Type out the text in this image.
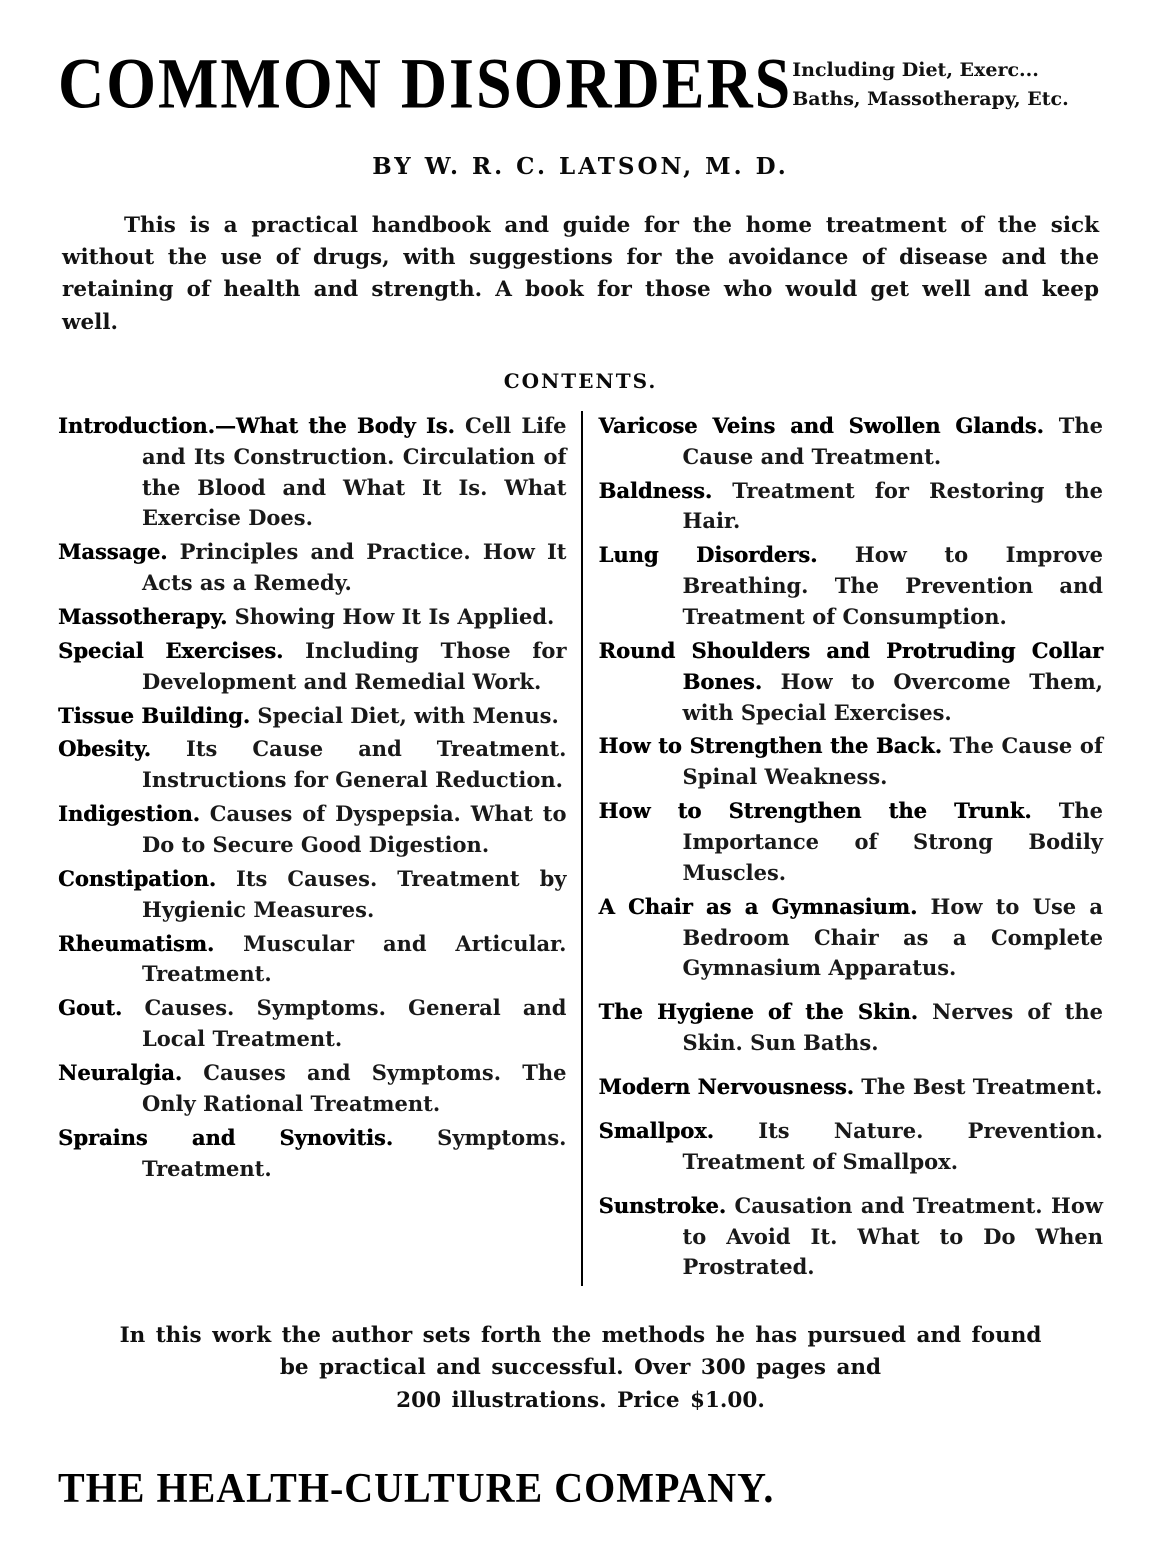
COMMON DISORDERS Including Diet, Exerc...
Baths, Massotherapy, Etc.
BY W. R. C. LATSON, M. D.

This is a practical handbook and guide for the home treatment of the sick without the use of drugs, with suggestions for the avoidance of disease and the retaining of health and strength. A book for those who would get well and keep well.

CONTENTS.

Introduction.—What the Body Is. Cell Life and Its Construction. Circulation of the Blood and What It Is. What Exercise Does.

Massage. Principles and Practice. How It Acts as a Remedy.

Massotherapy. Showing How It Is Applied.

Special Exercises. Including Those for Development and Remedial Work.

Tissue Building. Special Diet, with Menus.

Obesity. Its Cause and Treatment. Instructions for General Reduction.

Indigestion. Causes of Dyspepsia. What to Do to Secure Good Digestion.

Constipation. Its Causes. Treatment by Hygienic Measures.

Rheumatism. Muscular and Articular. Treatment.

Gout. Causes. Symptoms. General and Local Treatment.

Neuralgia. Causes and Symptoms. The Only Rational Treatment.

Sprains and Synovitis. Symptoms. Treatment.

Varicose Veins and Swollen Glands. The Cause and Treatment.

Baldness. Treatment for Restoring the Hair.

Lung Disorders. How to Improve Breathing. The Prevention and Treatment of Consumption.

Round Shoulders and Protruding Collar Bones. How to Overcome Them, with Special Exercises.

How to Strengthen the Back. The Cause of Spinal Weakness.

How to Strengthen the Trunk. The Importance of Strong Bodily Muscles.

A Chair as a Gymnasium. How to Use a Bedroom Chair as a Complete Gymnasium Apparatus.

The Hygiene of the Skin. Nerves of the Skin. Sun Baths.

Modern Nervousness. The Best Treatment.

Smallpox. Its Nature. Prevention. Treatment of Smallpox.

Sunstroke. Causation and Treatment. How to Avoid It. What to Do When Prostrated.

In this work the author sets forth the methods he has pursued and found
be practical and successful. Over 300 pages and
200 illustrations. Price $1.00.
THE HEALTH-CULTURE COMPANY.
